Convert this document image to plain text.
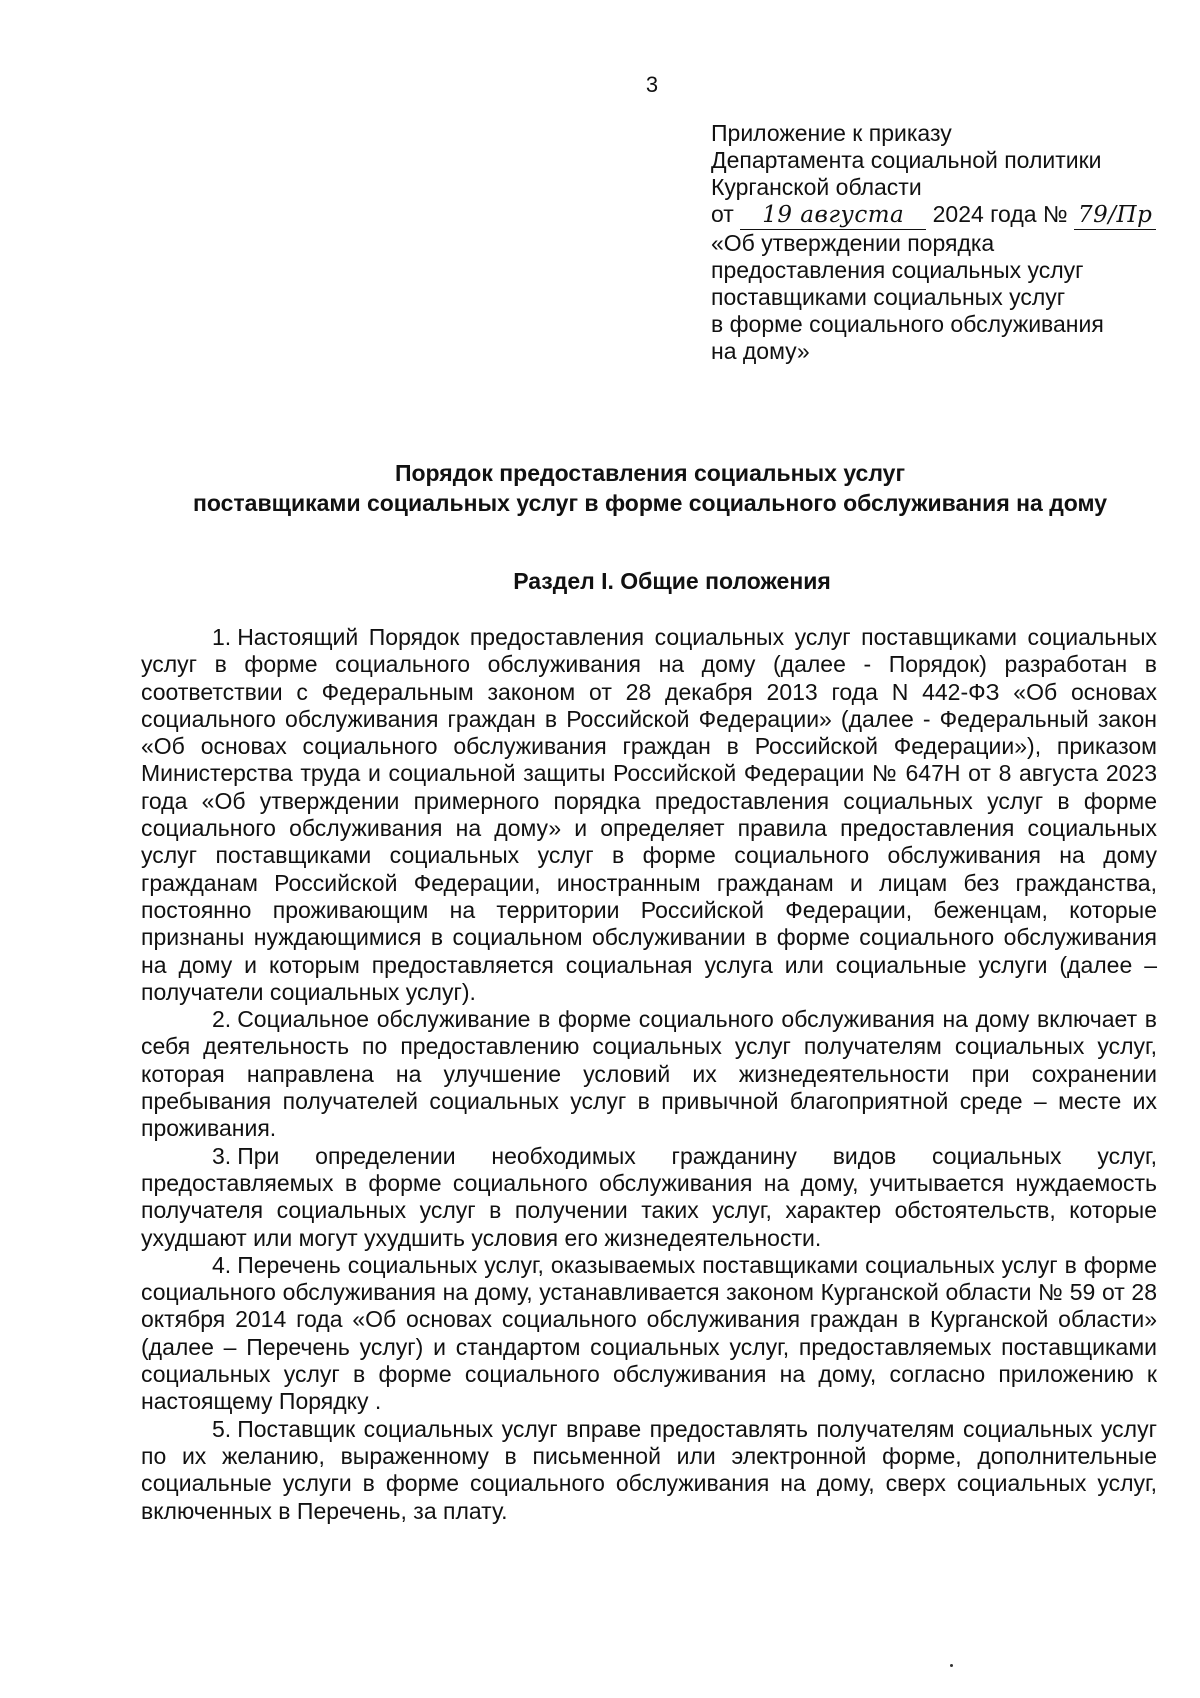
3
Приложение к приказу
Департамента социальной политики
Курганской области
от 19 августа 2024 года № 79/Пр
«Об утверждении порядка
предоставления социальных услуг
поставщиками социальных услуг
в форме социального обслуживания
на дому»
Порядок предоставления социальных услуг
поставщиками социальных услуг в форме социального обслуживания на дому
Раздел I. Общие положения

1. Настоящий Порядок предоставления социальных услуг поставщиками социальных услуг в форме социального обслуживания на дому (далее - Порядок) разработан в соответствии с Федеральным законом от 28 декабря 2013 года N 442-ФЗ «Об основах социального обслуживания граждан в Российской Федерации» (далее - Федеральный закон «Об основах социального обслуживания граждан в Российской Федерации»), приказом Министерства труда и социальной защиты Российской Федерации № 647Н от 8 августа 2023 года «Об утверждении примерного порядка предоставления социальных услуг в форме социального обслуживания на дому» и определяет правила предоставления социальных услуг поставщиками социальных услуг в форме социального обслуживания на дому гражданам Российской Федерации, иностранным гражданам и лицам без гражданства, постоянно проживающим на территории Российской Федерации, беженцам, которые признаны нуждающимися в социальном обслуживании в форме социального обслуживания на дому и которым предоставляется социальная услуга или социальные услуги (далее – получатели социальных услуг).

2. Социальное обслуживание в форме социального обслуживания на дому включает в себя деятельность по предоставлению социальных услуг получателям социальных услуг, которая направлена на улучшение условий их жизнедеятельности при сохранении пребывания получателей социальных услуг в привычной благоприятной среде – месте их проживания.

3. При определении необходимых гражданину видов социальных услуг, предоставляемых в форме социального обслуживания на дому, учитывается нуждаемость получателя социальных услуг в получении таких услуг, характер обстоятельств, которые ухудшают или могут ухудшить условия его жизнедеятельности.

4. Перечень социальных услуг, оказываемых поставщиками социальных услуг в форме социального обслуживания на дому, устанавливается законом Курганской области № 59 от 28 октября 2014 года «Об основах социального обслуживания граждан в Курганской области» (далее – Перечень услуг) и стандартом социальных услуг, предоставляемых поставщиками социальных услуг в форме социального обслуживания на дому, согласно приложению к настоящему Порядку .

5. Поставщик социальных услуг вправе предоставлять получателям социальных услуг по их желанию, выраженному в письменной или электронной форме, дополнительные социальные услуги в форме социального обслуживания на дому, сверх социальных услуг, включенных в Перечень, за плату.
